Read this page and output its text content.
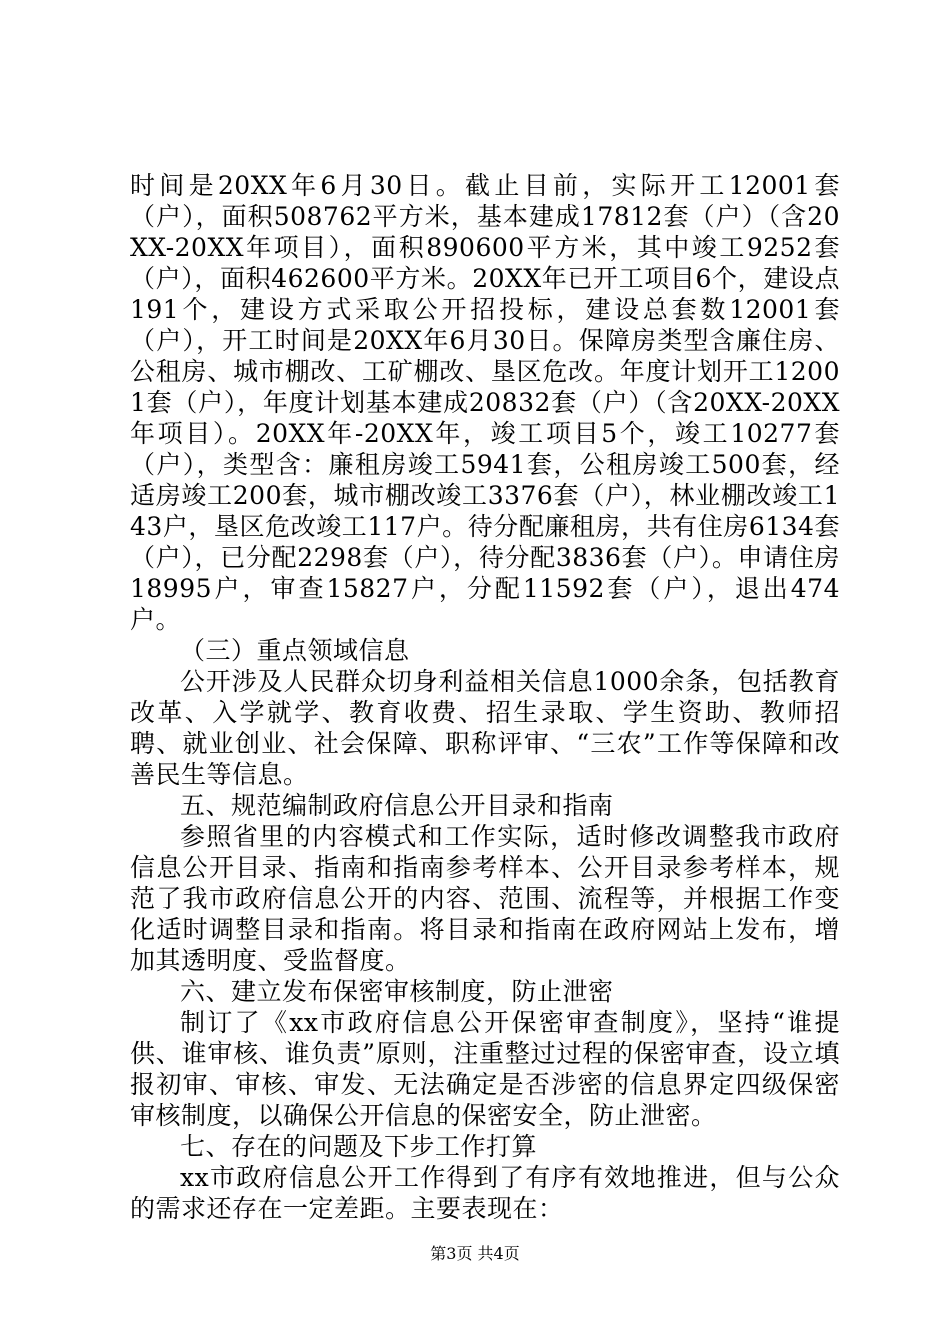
时间是20XX年6月30日。截止目前，实际开工12001套（户），面积508762平方米，基本建成17812套（户）（含20XX-20XX年项目），面积890600平方米，其中竣工9252套（户），面积462600平方米。20XX年已开工项目6个，建设点191个，建设方式采取公开招投标，建设总套数12001套（户），开工时间是20XX年6月30日。保障房类型含廉住房、公租房、城市棚改、工矿棚改、垦区危改。年度计划开工12001套（户），年度计划基本建成20832套（户）（含20XX-20XX年项目）。20XX年-20XX年，竣工项目5个，竣工10277套（户），类型含：廉租房竣工5941套，公租房竣工500套，经适房竣工200套，城市棚改竣工3376套（户），林业棚改竣工143户，垦区危改竣工117户。待分配廉租房，共有住房6134套（户），已分配2298套（户），待分配3836套（户）。申请住房18995户，审查15827户，分配11592套（户），退出474户。

（三）重点领域信息

公开涉及人民群众切身利益相关信息1000余条，包括教育改革、入学就学、教育收费、招生录取、学生资助、教师招聘、就业创业、社会保障、职称评审、“三农”工作等保障和改善民生等信息。

五、规范编制政府信息公开目录和指南

参照省里的内容模式和工作实际，适时修改调整我市政府信息公开目录、指南和指南参考样本、公开目录参考样本，规范了我市政府信息公开的内容、范围、流程等，并根据工作变化适时调整目录和指南。将目录和指南在政府网站上发布，增加其透明度、受监督度。

六、建立发布保密审核制度，防止泄密

制订了《xx市政府信息公开保密审查制度》，坚持“谁提供、谁审核、谁负责”原则，注重整过过程的保密审查，设立填报初审、审核、审发、无法确定是否涉密的信息界定四级保密审核制度，以确保公开信息的保密安全，防止泄密。

七、存在的问题及下步工作打算

xx市政府信息公开工作得到了有序有效地推进，但与公众的需求还存在一定差距。主要表现在：

第3页 共4页
